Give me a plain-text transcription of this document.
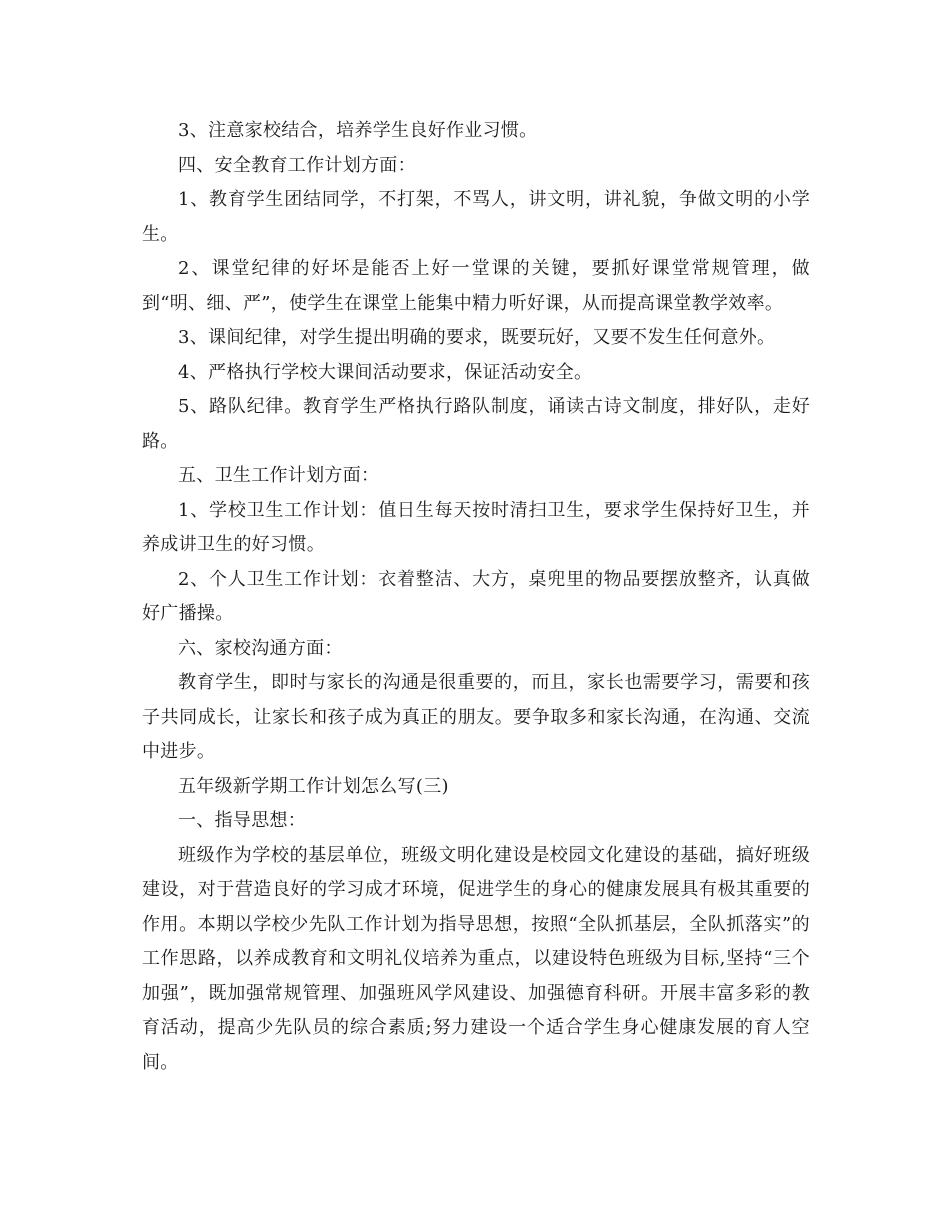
3、注意家校结合，培养学生良好作业习惯。

四、安全教育工作计划方面：

1、教育学生团结同学，不打架，不骂人，讲文明，讲礼貌，争做文明的小学生。

2、课堂纪律的好坏是能否上好一堂课的关键，要抓好课堂常规管理，做到“明、细、严”，使学生在课堂上能集中精力听好课，从而提高课堂教学效率。

3、课间纪律，对学生提出明确的要求，既要玩好，又要不发生任何意外。

4、严格执行学校大课间活动要求，保证活动安全。

5、路队纪律。教育学生严格执行路队制度，诵读古诗文制度，排好队，走好路。

五、卫生工作计划方面：

1、学校卫生工作计划：值日生每天按时清扫卫生，要求学生保持好卫生，并养成讲卫生的好习惯。

2、个人卫生工作计划：衣着整洁、大方，桌兜里的物品要摆放整齐，认真做好广播操。

六、家校沟通方面：

教育学生，即时与家长的沟通是很重要的，而且，家长也需要学习，需要和孩子共同成长，让家长和孩子成为真正的朋友。要争取多和家长沟通，在沟通、交流中进步。

五年级新学期工作计划怎么写(三)

一、指导思想：

班级作为学校的基层单位，班级文明化建设是校园文化建设的基础，搞好班级建设，对于营造良好的学习成才环境，促进学生的身心的健康发展具有极其重要的作用。本期以学校少先队工作计划为指导思想，按照“全队抓基层，全队抓落实”的工作思路，以养成教育和文明礼仪培养为重点，以建设特色班级为目标,坚持“三个加强”，既加强常规管理、加强班风学风建设、加强德育科研。开展丰富多彩的教育活动，提高少先队员的综合素质;努力建设一个适合学生身心健康发展的育人空间。
